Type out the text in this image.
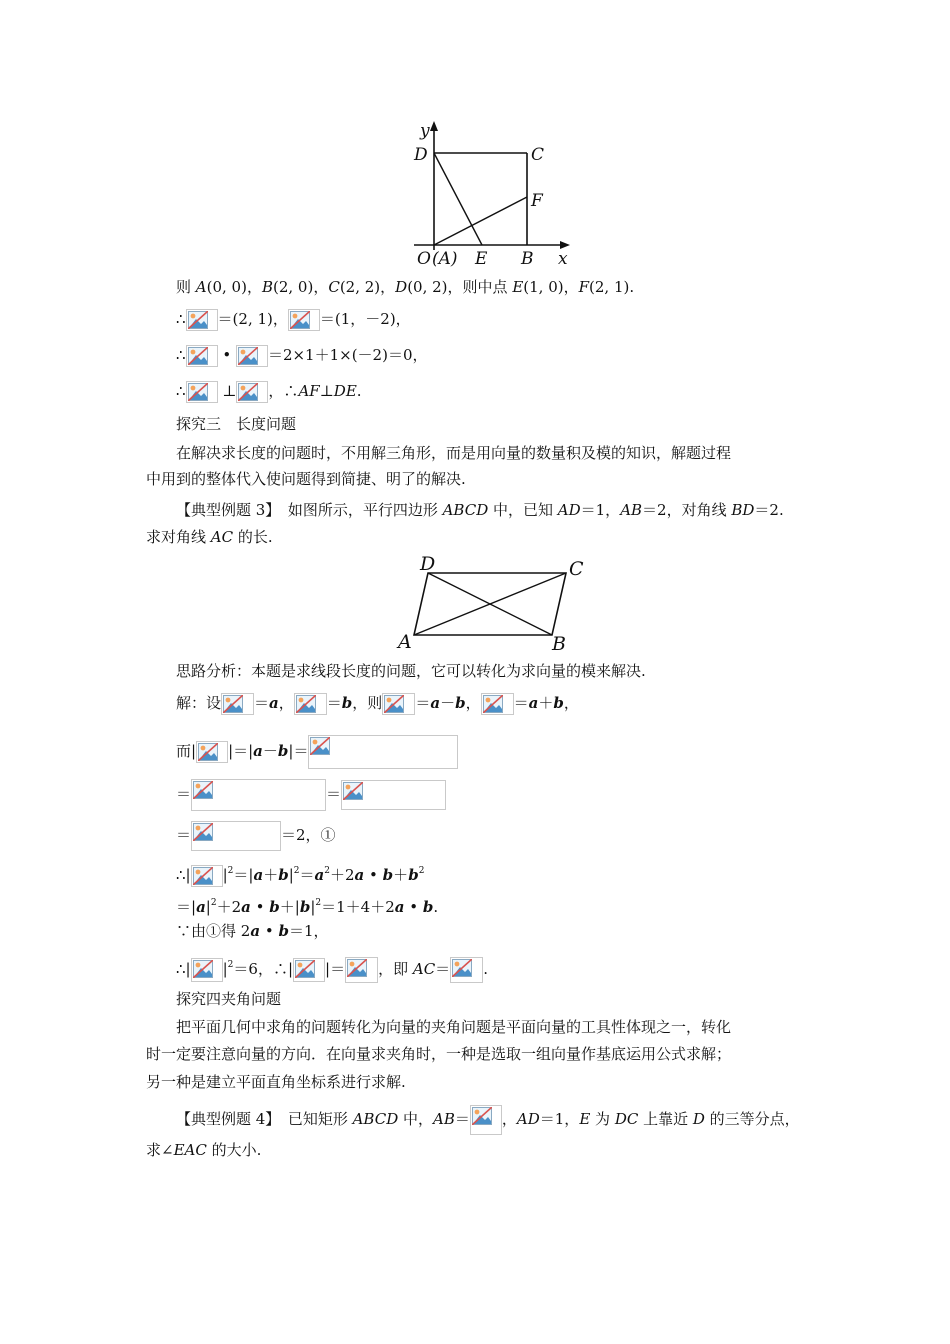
y
D	C
F
O (A) E B x
则 A(0, 0)，B(2, 0)，C(2, 2)，D(0, 2)，则中点 E(1, 0)，F(2, 1).
∴ ＝(2, 1)， ＝(1，－2)，
∴
•
＝2×1＋1×(－2)＝0，
∴
⊥ ，∴AF⊥DE.
探究三　长度问题
在解决求长度的问题时，不用解三角形，而是用向量的数量积及模的知识，解题过程
中用到的整体代入使问题得到简捷、明了的解决.
【典型例题 3】　如图所示，平行四边形 ABCD 中，已知 AD＝1，AB＝2，对角线 BD＝2.
求对角线 AC 的长.
D	C
A	B
思路分析：本题是求线段长度的问题，它可以转化为求向量的模来解决.
解：设 ＝a， ＝b，则 ＝a－b， ＝a＋b，
而| |＝|a－b|＝
＝	＝
＝	＝2，①
∴| $|^2=|a+b|^2=a^2+2a$ • $b+b^2$
$=|a|^2+2a$ • $b+|b|^2=1+4+2a$ • b.
∵由①得 2a • b＝1，
∴| $|^2=6$，∴| |＝ ，即 AC＝ .
探究四夹角问题
把平面几何中求角的问题转化为向量的夹角问题是平面向量的工具性体现之一，转化
时一定要注意向量的方向．在向量求夹角时，一种是选取一组向量作基底运用公式求解；
另一种是建立平面直角坐标系进行求解.
【典型例题 4】　已知矩形 ABCD 中，AB＝ ，AD＝1，E 为 DC 上靠近 D 的三等分点，
求∠EAC 的大小.
